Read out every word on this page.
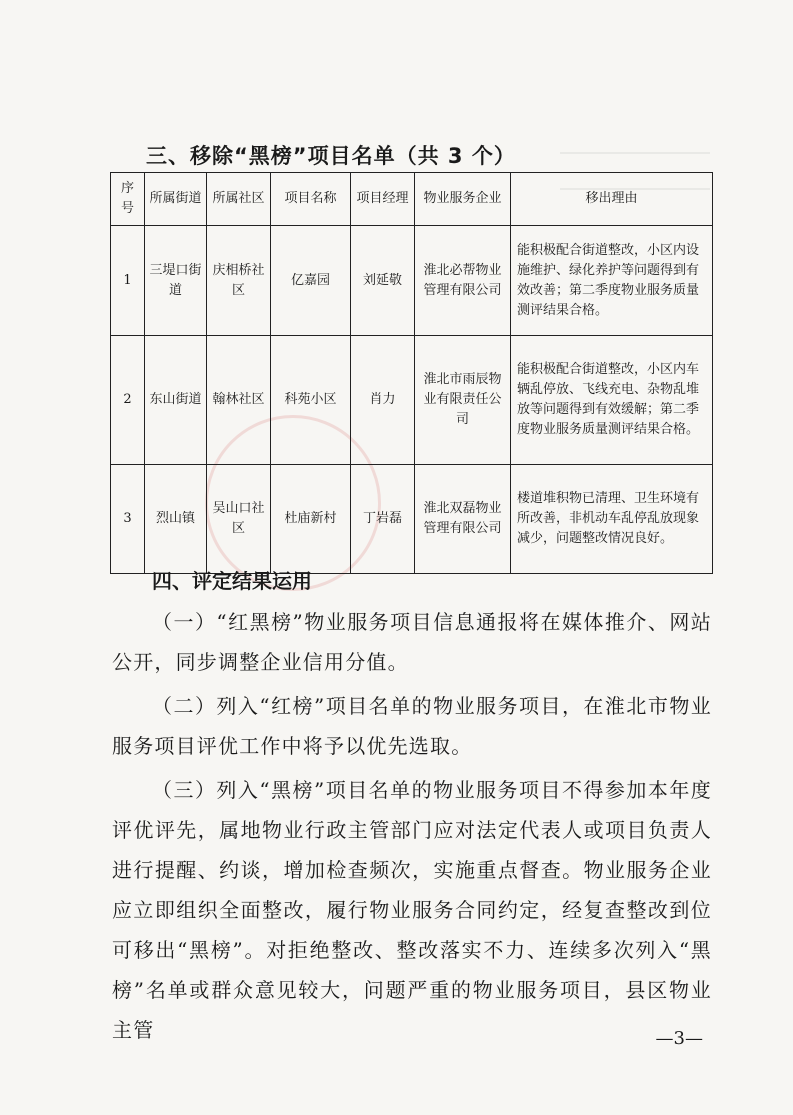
三、移除“黑榜”项目名单（共 3 个）
序号	所属街道	所属社区	项目名称	项目经理	物业服务企业	移出理由
1	三堤口街道	庆相桥社区	亿嘉园	刘延敬	淮北必帮物业管理有限公司	能积极配合街道整改，小区内设施维护、绿化养护等问题得到有效改善；第二季度物业服务质量测评结果合格。
2	东山街道	翰林社区	科苑小区	肖力	淮北市雨辰物业有限责任公司	能积极配合街道整改，小区内车辆乱停放、飞线充电、杂物乱堆放等问题得到有效缓解；第二季度物业服务质量测评结果合格。
3	烈山镇	吴山口社区	杜庙新村	丁岩磊	淮北双磊物业管理有限公司	楼道堆积物已清理、卫生环境有所改善，非机动车乱停乱放现象减少，问题整改情况良好。
四、评定结果运用
（一）“红黑榜”物业服务项目信息通报将在媒体推介、网站公开，同步调整企业信用分值。
（二）列入“红榜”项目名单的物业服务项目，在淮北市物业服务项目评优工作中将予以优先选取。
（三）列入“黑榜”项目名单的物业服务项目不得参加本年度评优评先，属地物业行政主管部门应对法定代表人或项目负责人进行提醒、约谈，增加检查频次，实施重点督查。物业服务企业应立即组织全面整改，履行物业服务合同约定，经复查整改到位可移出“黑榜”。对拒绝整改、整改落实不力、连续多次列入“黑榜”名单或群众意见较大，问题严重的物业服务项目，县区物业主管	—3—
